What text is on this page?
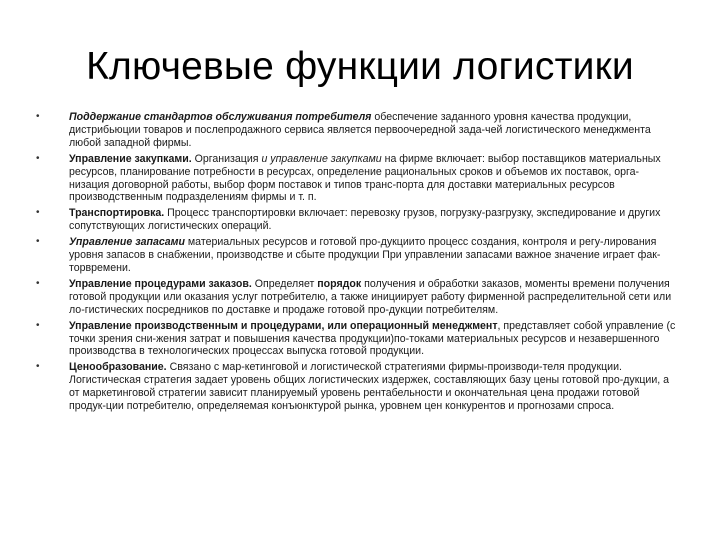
Ключевые функции логистики
•	Поддержание стандартов обслуживания потребителя обеспечение заданного уровня качества продукции, дистрибьюции товаров и послепродажного сервиса является первоочередной зада-чей логистического менеджмента любой западной фирмы.
•	Управление закупками. Организация и управление закупками на фирме включает: выбор поставщиков материальных ресурсов, планирование потребности в ресурсах, определение рациональных сроков и объемов их поставок, орга-низация договорной работы, выбор форм поставок и типов транс-порта для доставки материальных ресурсов производственным подразделениям фирмы и т. п.
•	Транспортировка. Процесс транспортировки включает: перевозку грузов, погрузку-разгрузку, экспедирование и других сопутствующих логистических операций.
•	Управление запасами материальных ресурсов и готовой про-дукциито процесс создания, контроля и регу-лирования уровня запасов в снабжении, производстве и сбыте продукции При управлении запасами важное значение играет фак-торвремени.
•	Управление процедурами заказов. Определяет порядок получения и обработки заказов, моменты времени получения готовой продукции или оказания услуг потребителю, а также инициирует работу фирменной распределительной сети или ло-гистических посредников по доставке и продаже готовой про-дукции потребителям.
•	Управление производственным и процедурами, или операционный менеджмент, представляет собой управление (с точки зрения сни-жения затрат и повышения качества продукции)по-токами материальных ресурсов и незавершенного производства в технологических процессах выпуска готовой продукции.
•	Ценообразование. Связано с мар-кетинговой и логистической стратегиями фирмы-производи-теля продукции. Логистическая стратегия задает уровень общих логистических издержек, составляющих базу цены готовой про-дукции, а от маркетинговой стратегии зависит планируемый уровень рентабельности и окончательная цена продажи готовой продук-ции потребителю, определяемая конъюнктурой рынка, уровнем цен конкурентов и прогнозами спроса.
